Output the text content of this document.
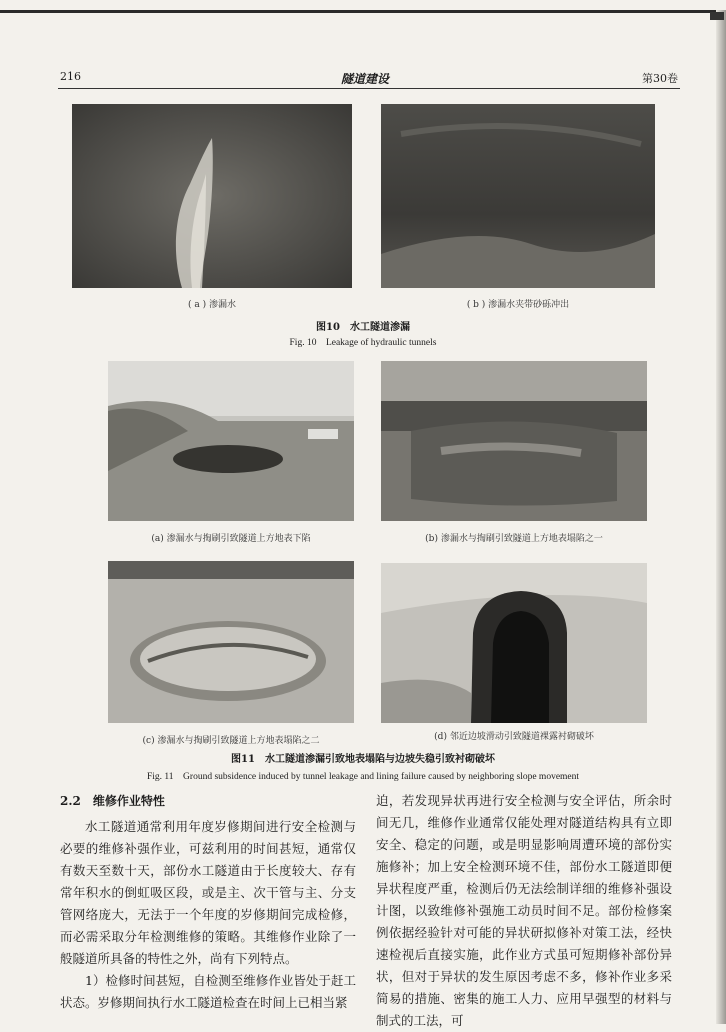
216	隧道建设	第30卷
( a ) 渗漏水	( b ) 渗漏水夹带砂砾冲出
图10　水工隧道渗漏
Fig. 10　Leakage of hydraulic tunnels
(a) 渗漏水与掏刷引致隧道上方地表下陷	(b) 渗漏水与掏刷引致隧道上方地表塌陷之一
(c) 渗漏水与掏刷引致隧道上方地表塌陷之二	(d) 邻近边坡滑动引致隧道裸露衬砌破坏
图11　水工隧道渗漏引致地表塌陷与边坡失稳引致衬砌破坏
Fig. 11　Ground subsidence induced by tunnel leakage and lining failure caused by neighboring slope movement

2.2　 维修作业特性

水工隧道通常利用年度岁修期间进行安全检测与必要的维修补强作业，可兹利用的时间甚短，通常仅有数天至数十天，部份水工隧道由于长度较大、存有常年积水的倒虹吸区段，或是主、次干管与主、分支管网络庞大，无法于一个年度的岁修期间完成检修，而必需采取分年检测维修的策略。其维修作业除了一般隧道所具备的特性之外，尚有下列特点。

1）检修时间甚短，自检测至维修作业皆处于赶工状态。岁修期间执行水工隧道检查在时间上已相当紧

迫，若发现异状再进行安全检测与安全评估，所余时间无几，维修作业通常仅能处理对隧道结构具有立即安全、稳定的问题，或是明显影响周遭环境的部份实施修补；加上安全检测环境不佳，部份水工隧道即便异状程度严重，检测后仍无法绘制详细的维修补强设计图，以致维修补强施工动员时间不足。部份检修案例依据经验针对可能的异状研拟修补对策工法，经快速检视后直接实施，此作业方式虽可短期修补部份异状，但对于异状的发生原因考虑不多，修补作业多采简易的措施、密集的施工人力、应用早强型的材料与制式的工法，可
